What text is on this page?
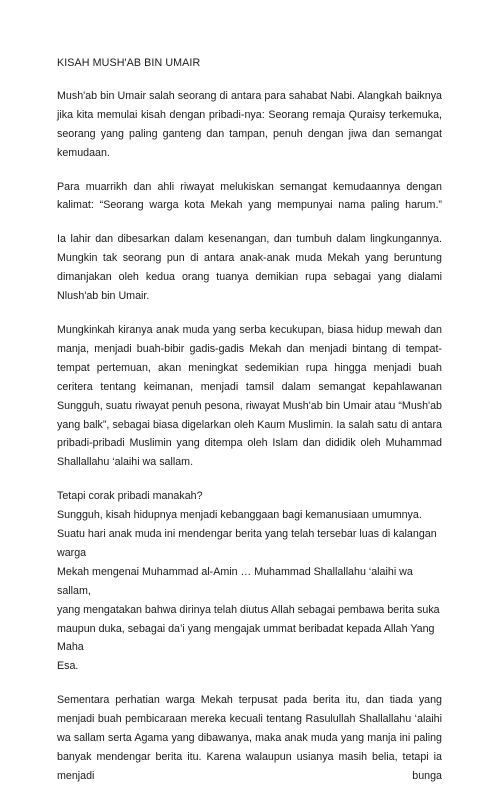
KISAH MUSH'AB BIN UMAIR

Mush'ab bin Umair salah seorang di antara para sahabat Nabi. Alangkah baiknya jika kita memulai kisah dengan pribadi-nya: Seorang remaja Quraisy terkemuka, seorang yang paling ganteng dan tampan, penuh dengan jiwa dan semangat kemudaan.

Para muarrikh dan ahli riwayat melukiskan semangat kemudaannya dengan kalimat: “Seorang warga kota Mekah yang mempunyai nama paling harum.”

Ia lahir dan dibesarkan dalam kesenangan, dan tumbuh dalam lingkungannya. Mungkin tak seorang pun di antara anak-anak muda Mekah yang beruntung dimanjakan oleh kedua orang tuanya demikian rupa sebagai yang dialami Nlush'ab bin Umair.

Mungkinkah kiranya anak muda yang serba kecukupan, biasa hidup mewah dan manja, menjadi buah-bibir gadis-gadis Mekah dan menjadi bintang di tempat-tempat pertemuan, akan meningkat sedemikian rupa hingga menjadi buah ceritera tentang keimanan, menjadi tamsil dalam semangat kepahlawanan Sungguh, suatu riwayat penuh pesona, riwayat Mush'ab bin Umair atau “Mush'ab yang balk”, sebagai biasa digelarkan oleh Kaum Muslimin. Ia salah satu di antara pribadi-pribadi Muslimin yang ditempa oleh Islam dan dididik oleh Muhammad Shallallahu ‘alaihi wa sallam.

Tetapi corak pribadi manakah?
Sungguh, kisah hidupnya menjadi kebanggaan bagi kemanusiaan umumnya.
Suatu hari anak muda ini mendengar berita yang telah tersebar luas di kalangan warga
Mekah mengenai Muhammad al-Amin … Muhammad Shallallahu ‘alaihi wa sallam,
yang mengatakan bahwa dirinya telah diutus Allah sebagai pembawa berita suka
maupun duka, sebagai da’i yang mengajak ummat beribadat kepada Allah Yang Maha
Esa.

Sementara perhatian warga Mekah terpusat pada berita itu, dan tiada yang menjadi buah pembicaraan mereka kecuali tentang Rasulullah Shallallahu ‘alaihi wa sallam serta Agama yang dibawanya, maka anak muda yang manja ini paling banyak mendengar berita itu. Karena walaupun usianya masih belia, tetapi ia menjadi bunga
